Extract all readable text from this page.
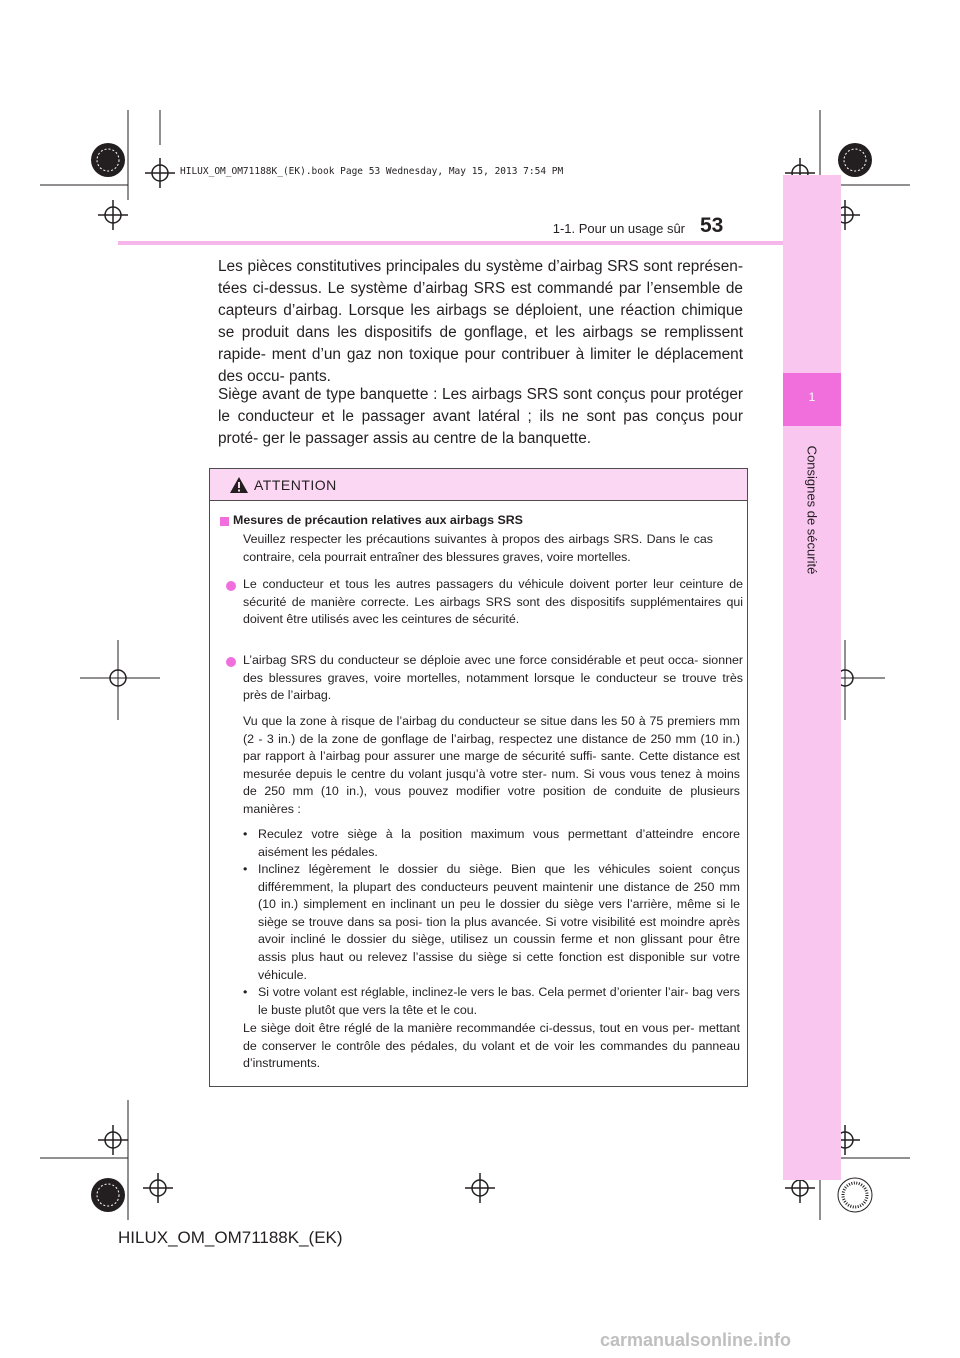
1
Consignes de sécurité
HILUX_OM_OM71188K_(EK).book Page 53 Wednesday, May 15, 2013 7:54 PM
1-1. Pour un usage sûr 53
Les pièces constitutives principales du système d’airbag SRS sont représen- tées ci-dessus. Le système d’airbag SRS est commandé par l’ensemble de capteurs d’airbag. Lorsque les airbags se déploient, une réaction chimique se produit dans les dispositifs de gonflage, et les airbags se remplissent rapide- ment d’un gaz non toxique pour contribuer à limiter le déplacement des occu- pants.
Siège avant de type banquette : Les airbags SRS sont conçus pour protéger le conducteur et le passager avant latéral ; ils ne sont pas conçus pour proté- ger le passager assis au centre de la banquette.
ATTENTION
Mesures de précaution relatives aux airbags SRS
Veuillez respecter les précautions suivantes à propos des airbags SRS. Dans le cas contraire, cela pourrait entraîner des blessures graves, voire mortelles.
Le conducteur et tous les autres passagers du véhicule doivent porter leur ceinture de sécurité de manière correcte. Les airbags SRS sont des dispositifs supplémentaires qui doivent être utilisés avec les ceintures de sécurité.
L’airbag SRS du conducteur se déploie avec une force considérable et peut occa- sionner des blessures graves, voire mortelles, notamment lorsque le conducteur se trouve très près de l’airbag.
Vu que la zone à risque de l’airbag du conducteur se situe dans les 50 à 75 premiers mm (2 - 3 in.) de la zone de gonflage de l’airbag, respectez une distance de 250 mm (10 in.) par rapport à l’airbag pour assurer une marge de sécurité suffi- sante. Cette distance est mesurée depuis le centre du volant jusqu’à votre ster- num. Si vous vous tenez à moins de 250 mm (10 in.), vous pouvez modifier votre position de conduite de plusieurs manières :
• Reculez votre siège à la position maximum vous permettant d’atteindre encore aisément les pédales.
• Inclinez légèrement le dossier du siège. Bien que les véhicules soient conçus différemment, la plupart des conducteurs peuvent maintenir une distance de 250 mm (10 in.) simplement en inclinant un peu le dossier du siège vers l’arrière, même si le siège se trouve dans sa posi- tion la plus avancée. Si votre visibilité est moindre après avoir incliné le dossier du siège, utilisez un coussin ferme et non glissant pour être assis plus haut ou relevez l’assise du siège si cette fonction est disponible sur votre véhicule.
• Si votre volant est réglable, inclinez-le vers le bas. Cela permet d’orienter l’air- bag vers le buste plutôt que vers la tête et le cou.
Le siège doit être réglé de la manière recommandée ci-dessus, tout en vous per- mettant de conserver le contrôle des pédales, du volant et de voir les commandes du panneau d’instruments.
HILUX_OM_OM71188K_(EK)
carmanualsonline.info
